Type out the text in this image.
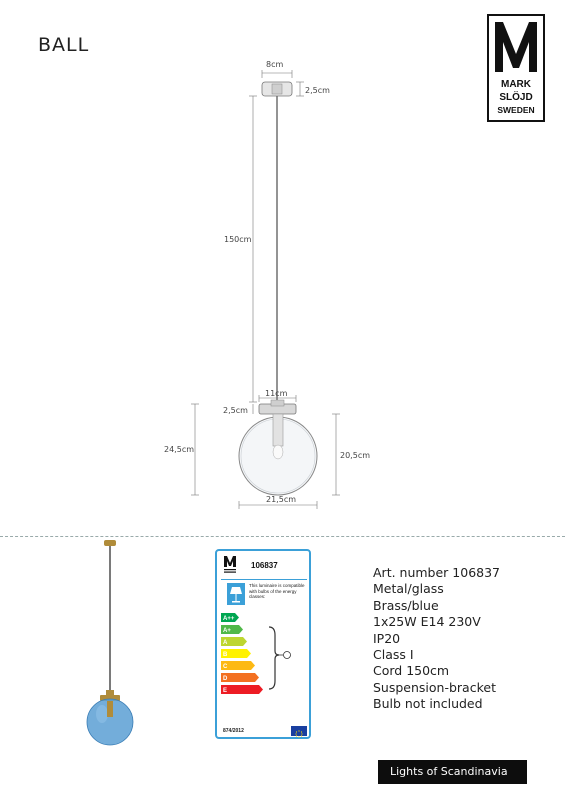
BALL
MARK
SLÖJD
SWEDEN
8cm
2,5cm
150cm
11cm
2,5cm
24,5cm
20,5cm
21,5cm
106837
This luminaire is compatible with bulbs of the energy classes:
A++
A+
A
B
C
D
E
874/2012
Art. number 106837
Metal/glass
Brass/blue
1x25W E14 230V
IP20
Class I
Cord 150cm
Suspension-bracket
Bulb not included
Lights of Scandinavia
